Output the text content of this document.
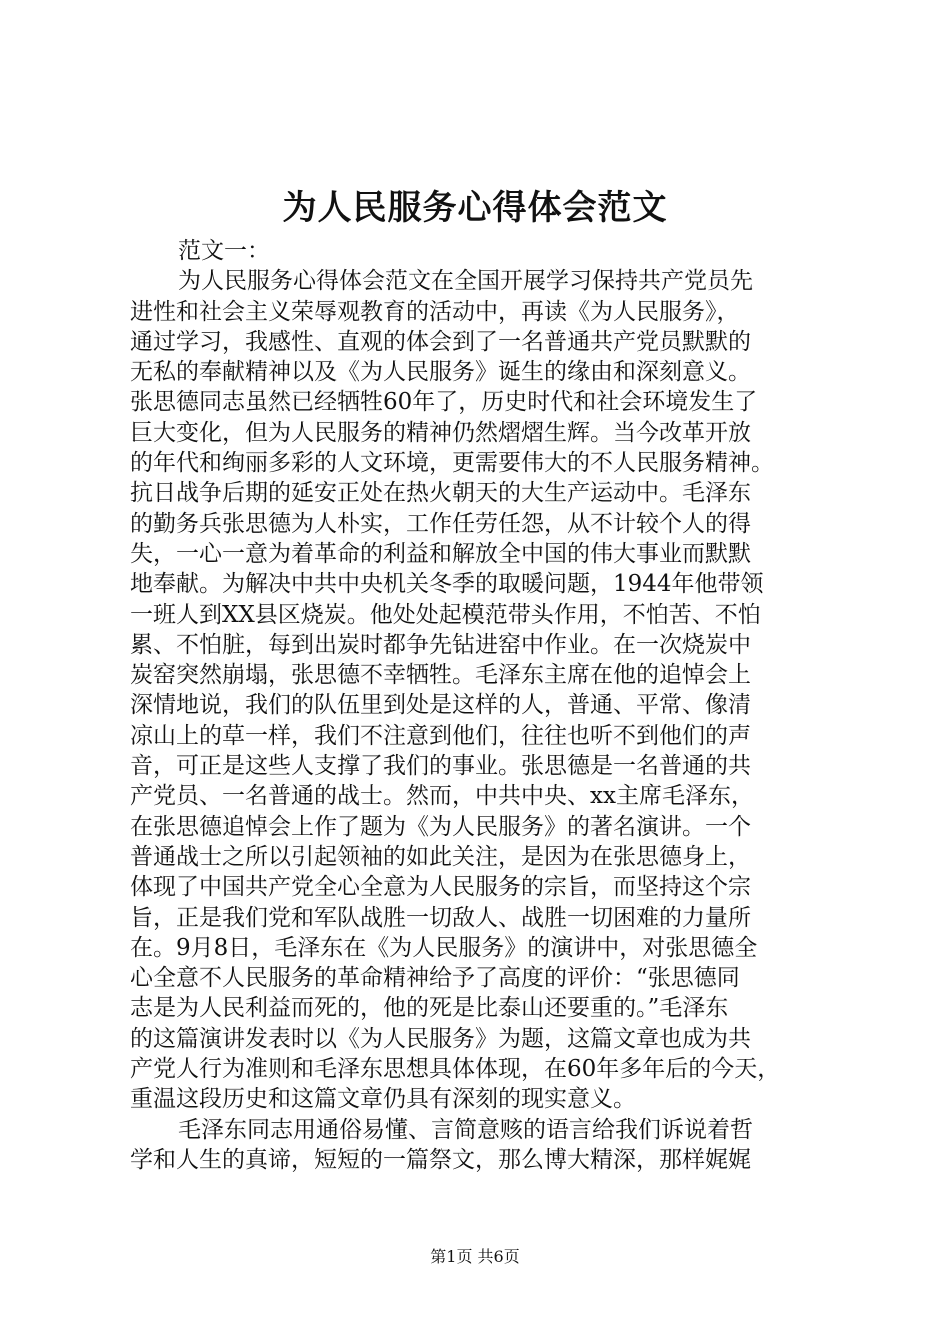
为人民服务心得体会范文
范文一：
为人民服务心得体会范文在全国开展学习保持共产党员先
进性和社会主义荣辱观教育的活动中，再读《为人民服务》，
通过学习，我感性、直观的体会到了一名普通共产党员默默的
无私的奉献精神以及《为人民服务》诞生的缘由和深刻意义。
张思德同志虽然已经牺牲60年了，历史时代和社会环境发生了
巨大变化，但为人民服务的精神仍然熠熠生辉。当今改革开放
的年代和绚丽多彩的人文环境，更需要伟大的不人民服务精神。
抗日战争后期的延安正处在热火朝天的大生产运动中。毛泽东
的勤务兵张思德为人朴实，工作任劳任怨，从不计较个人的得
失，一心一意为着革命的利益和解放全中国的伟大事业而默默
地奉献。为解决中共中央机关冬季的取暖问题，1944年他带领
一班人到XX县区烧炭。他处处起模范带头作用，不怕苦、不怕
累、不怕脏，每到出炭时都争先钻进窑中作业。在一次烧炭中
炭窑突然崩塌，张思德不幸牺牲。毛泽东主席在他的追悼会上
深情地说，我们的队伍里到处是这样的人，普通、平常、像清
凉山上的草一样，我们不注意到他们，往往也听不到他们的声
音，可正是这些人支撑了我们的事业。张思德是一名普通的共
产党员、一名普通的战士。然而，中共中央、xx主席毛泽东，
在张思德追悼会上作了题为《为人民服务》的著名演讲。一个
普通战士之所以引起领袖的如此关注，是因为在张思德身上，
体现了中国共产党全心全意为人民服务的宗旨，而坚持这个宗
旨，正是我们党和军队战胜一切敌人、战胜一切困难的力量所
在。9月8日，毛泽东在《为人民服务》的演讲中，对张思德全
心全意不人民服务的革命精神给予了高度的评价：“张思德同
志是为人民利益而死的，他的死是比泰山还要重的。”毛泽东
的这篇演讲发表时以《为人民服务》为题，这篇文章也成为共
产党人行为准则和毛泽东思想具体体现，在60年多年后的今天，
重温这段历史和这篇文章仍具有深刻的现实意义。
毛泽东同志用通俗易懂、言简意赅的语言给我们诉说着哲
学和人生的真谛，短短的一篇祭文，那么博大精深，那样娓娓
第1页 共6页
